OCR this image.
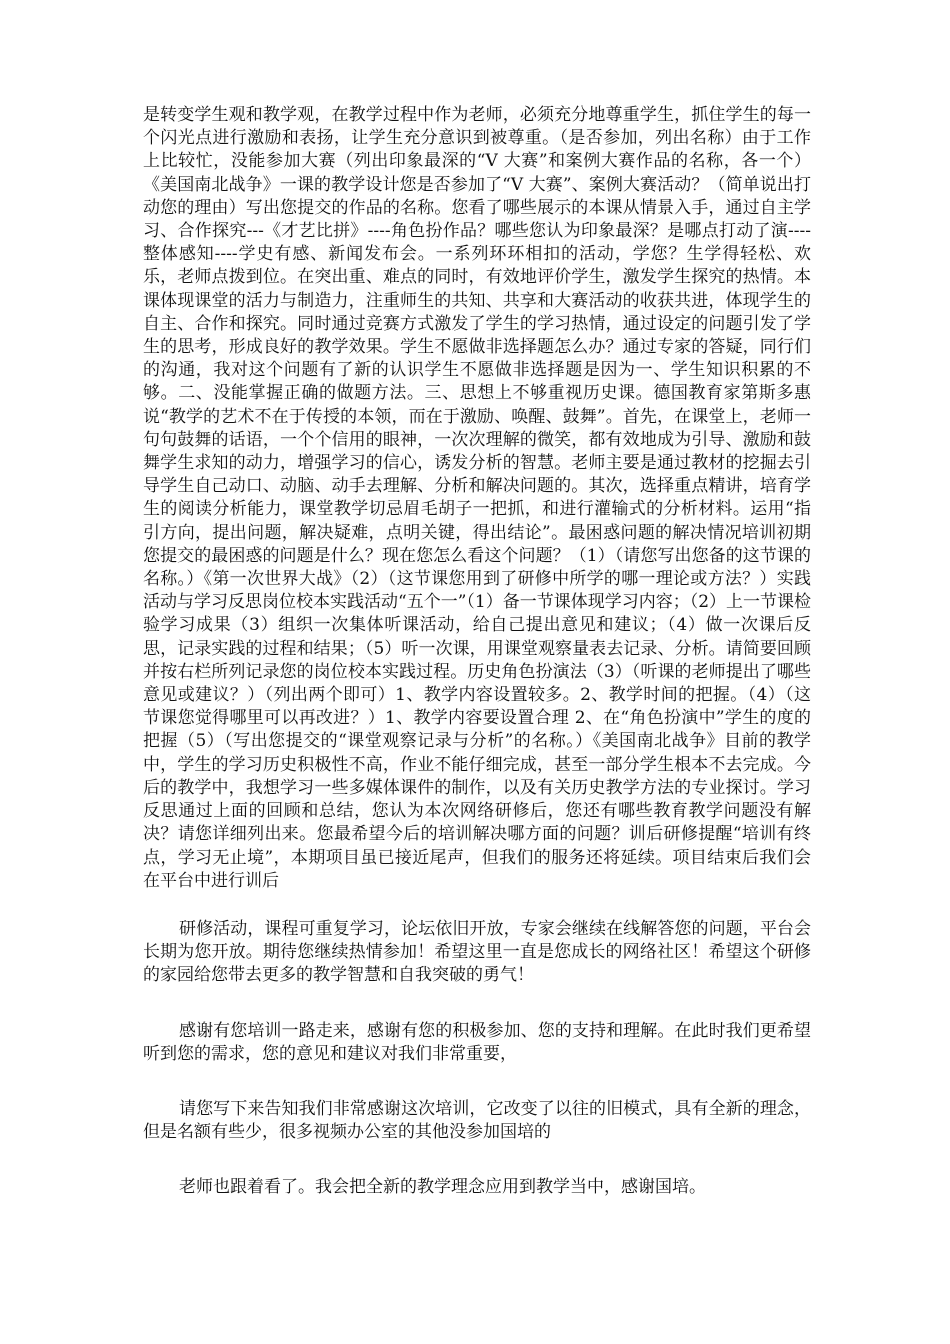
是转变学生观和教学观，在教学过程中作为老师，必须充分地尊重学生，抓住学生的每一个闪光点进行激励和表扬，让学生充分意识到被尊重。（是否参加，列出名称）由于工作上比较忙，没能参加大赛（列出印象最深的“V 大赛”和案例大赛作品的名称，各一个）《美国南北战争》一课的教学设计您是否参加了“V 大赛”、案例大赛活动？（简单说出打动您的理由）写出您提交的作品的名称。您看了哪些展示的本课从情景入手，通过自主学习、合作探究---《才艺比拼》----角色扮作品？哪些您认为印象最深？是哪点打动了演----整体感知----学史有感、新闻发布会。一系列环环相扣的活动，学您？生学得轻松、欢乐，老师点拨到位。在突出重、难点的同时，有效地评价学生，激发学生探究的热情。本课体现课堂的活力与制造力，注重师生的共知、共享和大赛活动的收获共进，体现学生的自主、合作和探究。同时通过竞赛方式激发了学生的学习热情，通过设定的问题引发了学生的思考，形成良好的教学效果。学生不愿做非选择题怎么办？通过专家的答疑，同行们的沟通，我对这个问题有了新的认识学生不愿做非选择题是因为一、学生知识积累的不够。二、没能掌握正确的做题方法。三、思想上不够重视历史课。德国教育家第斯多惠说“教学的艺术不在于传授的本领，而在于激励、唤醒、鼓舞”。首先，在课堂上，老师一句句鼓舞的话语，一个个信用的眼神，一次次理解的微笑，都有效地成为引导、激励和鼓舞学生求知的动力，增强学习的信心，诱发分析的智慧。老师主要是通过教材的挖掘去引导学生自己动口、动脑、动手去理解、分析和解决问题的。其次，选择重点精讲，培育学生的阅读分析能力，课堂教学切忌眉毛胡子一把抓，和进行灌输式的分析材料。运用“指引方向，提出问题，解决疑难，点明关键，得出结论”。最困惑问题的解决情况培训初期您提交的最困惑的问题是什么？现在您怎么看这个问题？（1）（请您写出您备的这节课的名称。）《第一次世界大战》（2）（这节课您用到了研修中所学的哪一理论或方法？）实践活动与学习反思岗位校本实践活动“五个一”（1）备一节课体现学习内容；（2）上一节课检验学习成果（3）组织一次集体听课活动，给自己提出意见和建议；（4）做一次课后反思，记录实践的过程和结果；（5）听一次课，用课堂观察量表去记录、分析。请简要回顾并按右栏所列记录您的岗位校本实践过程。历史角色扮演法（3）（听课的老师提出了哪些意见或建议？）（列出两个即可）1、教学内容设置较多。2、教学时间的把握。（4）（这节课您觉得哪里可以再改进？）1、教学内容要设置合理 2、在“角色扮演中”学生的度的把握（5）（写出您提交的“课堂观察记录与分析”的名称。）《美国南北战争》目前的教学中，学生的学习历史积极性不高，作业不能仔细完成，甚至一部分学生根本不去完成。今后的教学中，我想学习一些多媒体课件的制作，以及有关历史教学方法的专业探讨。学习反思通过上面的回顾和总结，您认为本次网络研修后，您还有哪些教育教学问题没有解决？请您详细列出来。您最希望今后的培训解决哪方面的问题？训后研修提醒“培训有终点，学习无止境”，本期项目虽已接近尾声，但我们的服务还将延续。项目结束后我们会在平台中进行训后

研修活动，课程可重复学习，论坛依旧开放，专家会继续在线解答您的问题，平台会长期为您开放。期待您继续热情参加！希望这里一直是您成长的网络社区！希望这个研修的家园给您带去更多的教学智慧和自我突破的勇气！

感谢有您培训一路走来，感谢有您的积极参加、您的支持和理解。在此时我们更希望听到您的需求，您的意见和建议对我们非常重要，

请您写下来告知我们非常感谢这次培训，它改变了以往的旧模式，具有全新的理念，但是名额有些少，很多视频办公室的其他没参加国培的

老师也跟着看了。我会把全新的教学理念应用到教学当中，感谢国培。
